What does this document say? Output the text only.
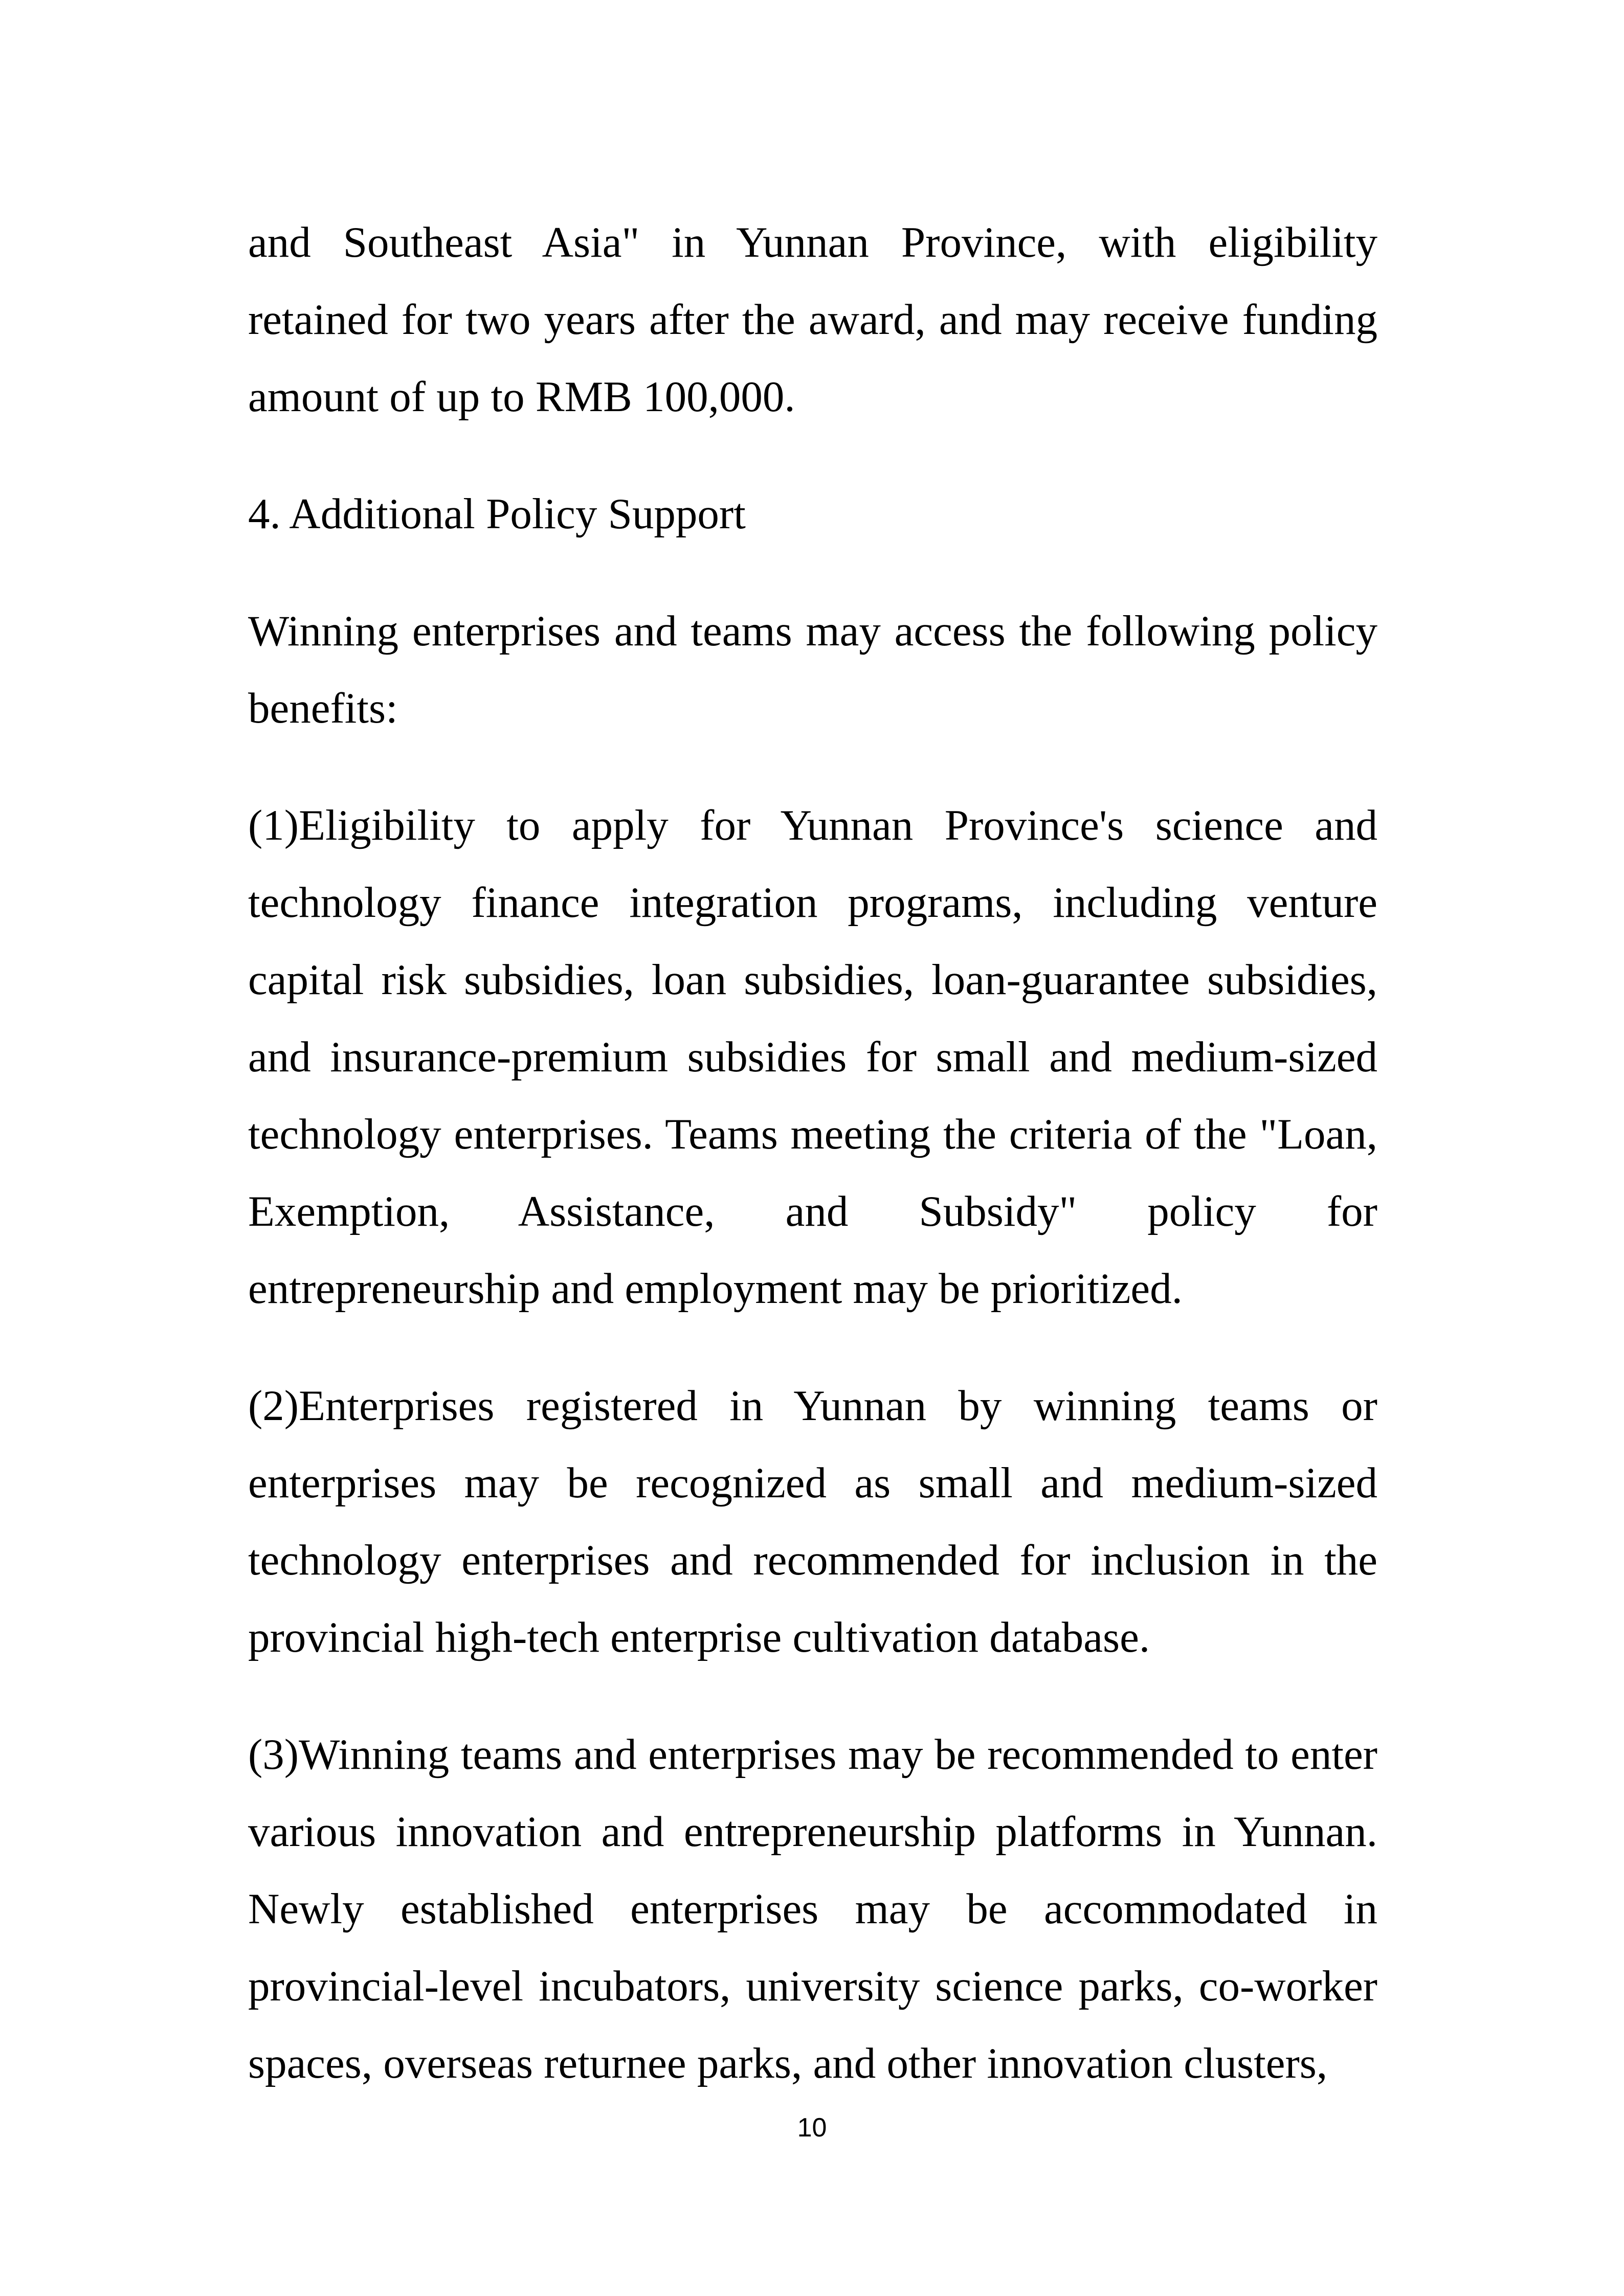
and Southeast Asia" in Yunnan Province, with eligibility retained for two years after the award, and may receive funding amount of up to RMB 100,000.

4. Additional Policy Support

Winning enterprises and teams may access the following policy benefits:

(1)Eligibility to apply for Yunnan Province's science and technology finance integration programs, including venture capital risk subsidies, loan subsidies, loan-guarantee subsidies, and insurance-premium subsidies for small and medium-sized technology enterprises. Teams meeting the criteria of the "Loan, Exemption, Assistance, and Subsidy" policy for entrepreneurship and employment may be prioritized.

(2)Enterprises registered in Yunnan by winning teams or enterprises may be recognized as small and medium-sized technology enterprises and recommended for inclusion in the provincial high-tech enterprise cultivation database.

(3)Winning teams and enterprises may be recommended to enter various innovation and entrepreneurship platforms in Yunnan. Newly established enterprises may be accommodated in provincial-level incubators, university science parks, co-worker spaces, overseas returnee parks, and other innovation clusters,

10
